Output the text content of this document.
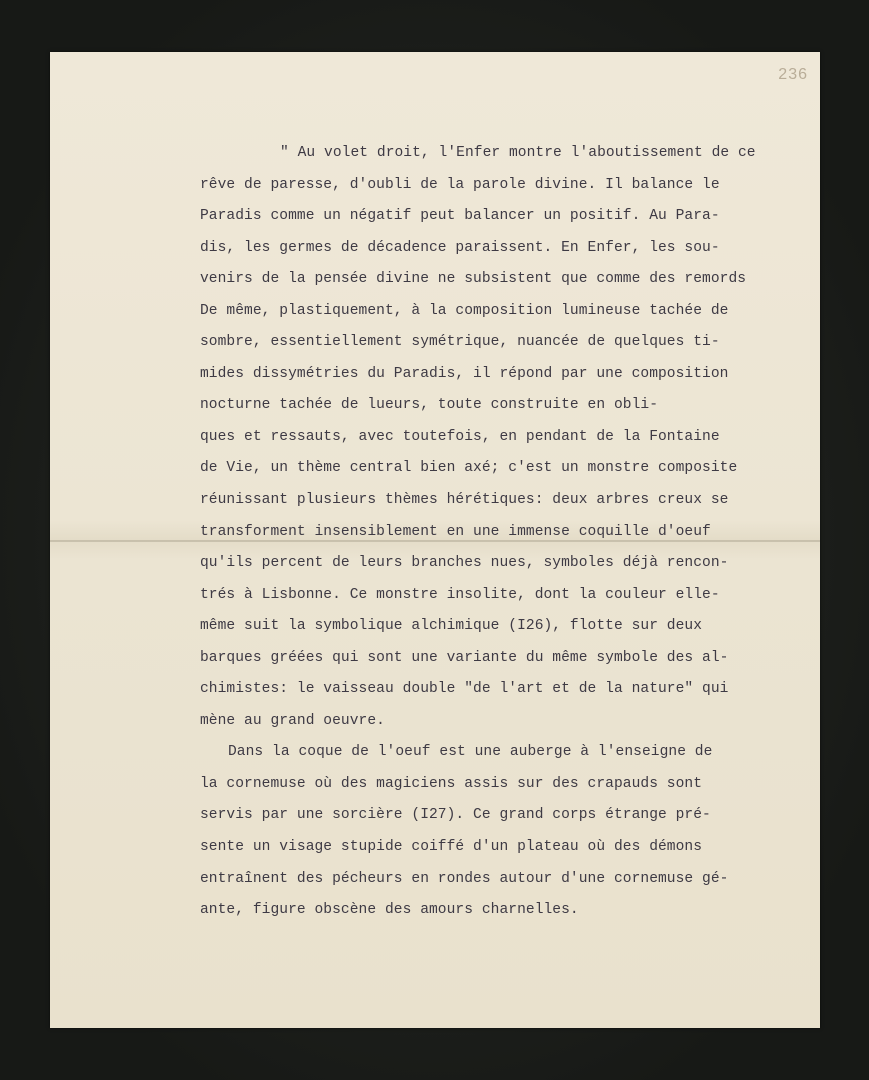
236
" Au volet droit, l'Enfer montre l'aboutissement de ce
rêve de paresse, d'oubli de la parole divine. Il balance le
Paradis comme un négatif peut balancer un positif. Au Para-
dis, les germes de décadence paraissent. En Enfer, les sou-
venirs de la pensée divine ne subsistent que comme des remords
De même, plastiquement, à la composition lumineuse tachée de
sombre, essentiellement symétrique, nuancée de quelques ti-
mides dissymétries du Paradis, il répond par une composition
nocturne tachée de lueurs, toute construite en obli-
ques et ressauts, avec toutefois, en pendant de la Fontaine
de Vie, un thème central bien axé; c'est un monstre composite
réunissant plusieurs thèmes hérétiques: deux arbres creux se
transforment insensiblement en une immense coquille d'oeuf
qu'ils percent de leurs branches nues, symboles déjà rencon-
trés à Lisbonne. Ce monstre insolite, dont la couleur elle-
même suit la symbolique alchimique (I26), flotte sur deux
barques gréées qui sont une variante du même symbole des al-
chimistes: le vaisseau double "de l'art et de la nature" qui
mène au grand oeuvre.
Dans la coque de l'oeuf est une auberge à l'enseigne de
la cornemuse où des magiciens assis sur des crapauds sont
servis par une sorcière (I27). Ce grand corps étrange pré-
sente un visage stupide coiffé d'un plateau où des démons
entraînent des pécheurs en rondes autour d'une cornemuse gé-
ante, figure obscène des amours charnelles.
